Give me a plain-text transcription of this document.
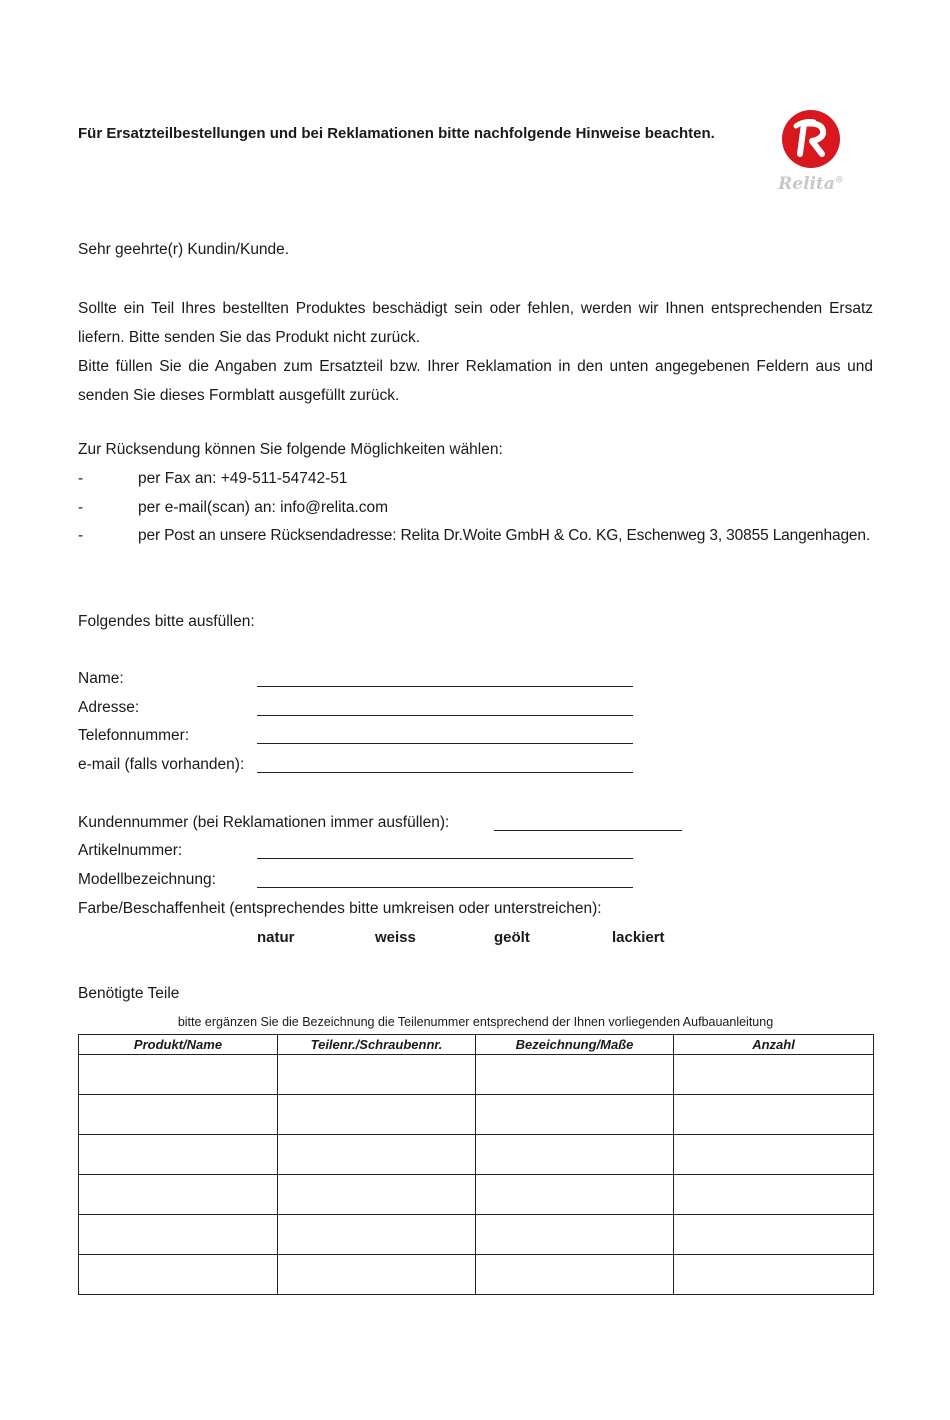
Für Ersatzteilbestellungen und bei Reklamationen bitte nachfolgende Hinweise beachten.
Relita®
Sehr geehrte(r) Kundin/Kunde.
Sollte ein Teil Ihres bestellten Produktes beschädigt sein oder fehlen, werden wir Ihnen entsprechenden Ersatz
liefern. Bitte senden Sie das Produkt nicht zurück.
Bitte füllen Sie die Angaben zum Ersatzteil bzw. Ihrer Reklamation in den unten angegebenen Feldern aus und
senden Sie dieses Formblatt ausgefüllt zurück.
Zur Rücksendung können Sie folgende Möglichkeiten wählen:
-	per Fax an: +49-511-54742-51
-	per e-mail(scan) an: info@relita.com
-	per Post an unsere Rücksendadresse: Relita Dr.Woite GmbH & Co. KG, Eschenweg 3, 30855 Langenhagen.
Folgendes bitte ausfüllen:
Name:
Adresse:
Telefonnummer:
e-mail (falls vorhanden):
Kundennummer (bei Reklamationen immer ausfüllen):
Artikelnummer:
Modellbezeichnung:
Farbe/Beschaffenheit (entsprechendes bitte umkreisen oder unterstreichen):
natur	weiss	geölt	lackiert
Benötigte Teile
bitte ergänzen Sie die Bezeichnung die Teilenummer entsprechend der Ihnen vorliegenden Aufbauanleitung
Produkt/Name	Teilenr./Schraubennr.	Bezeichnung/Maße	Anzahl
